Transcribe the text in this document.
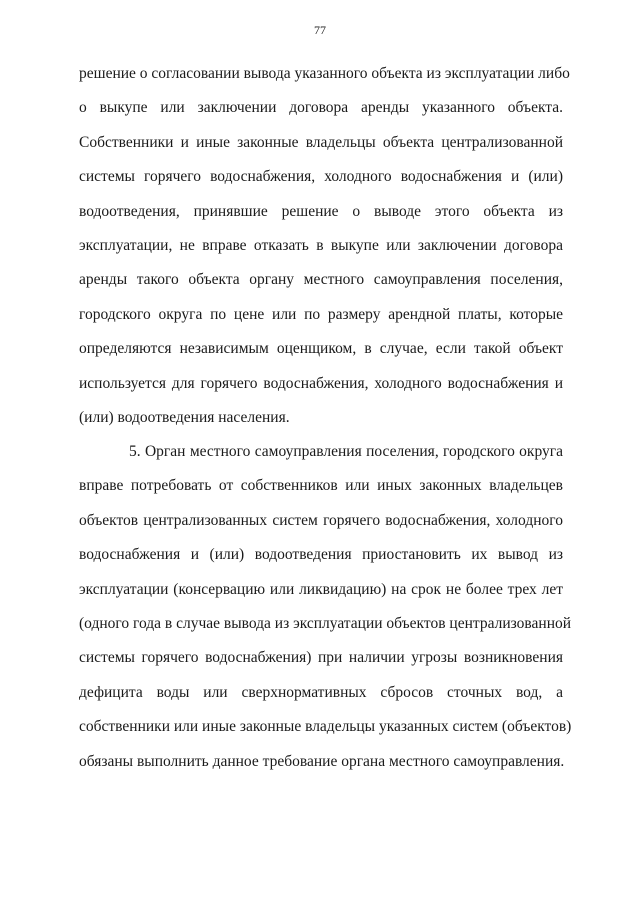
77
решение о согласовании вывода указанного объекта из эксплуатации либо
о выкупе или заключении договора аренды указанного объекта.
Собственники и иные законные владельцы объекта централизованной
системы горячего водоснабжения, холодного водоснабжения и (или)
водоотведения, принявшие решение о выводе этого объекта из
эксплуатации, не вправе отказать в выкупе или заключении договора
аренды такого объекта органу местного самоуправления поселения,
городского округа по цене или по размеру арендной платы, которые
определяются независимым оценщиком, в случае, если такой объект
используется для горячего водоснабжения, холодного водоснабжения и
(или) водоотведения населения.
5. Орган местного самоуправления поселения, городского округа
вправе потребовать от собственников или иных законных владельцев
объектов централизованных систем горячего водоснабжения, холодного
водоснабжения и (или) водоотведения приостановить их вывод из
эксплуатации (консервацию или ликвидацию) на срок не более трех лет
(одного года в случае вывода из эксплуатации объектов централизованной
системы горячего водоснабжения) при наличии угрозы возникновения
дефицита воды или сверхнормативных сбросов сточных вод, а
собственники или иные законные владельцы указанных систем (объектов)
обязаны выполнить данное требование органа местного самоуправления.
